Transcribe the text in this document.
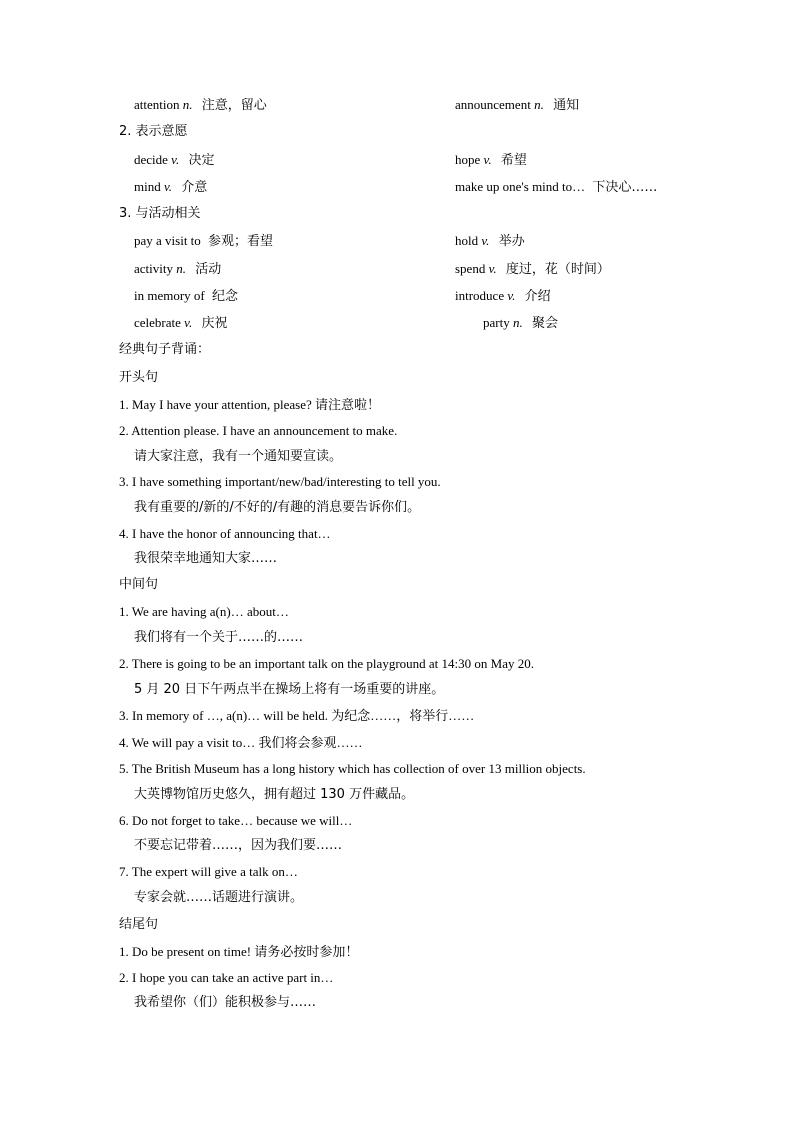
attention n. 注意，留心	announcement n. 通知
2. 表示意愿
decide v. 决定	hope v. 希望
mind v. 介意	make up one's mind to… 下决心……
3. 与活动相关
pay a visit to 参观；看望	hold v. 举办
activity n. 活动	spend v. 度过，花（时间）
in memory of 纪念	introduce v. 介绍
celebrate v. 庆祝	party n. 聚会
经典句子背诵：
开头句
1. May I have your attention, please? 请注意啦！
2. Attention please. I have an announcement to make.
请大家注意，我有一个通知要宣读。
3. I have something important/new/bad/interesting to tell you.
我有重要的/新的/不好的/有趣的消息要告诉你们。
4. I have the honor of announcing that…
我很荣幸地通知大家……
中间句
1. We are having a(n)… about…
我们将有一个关于……的……
2. There is going to be an important talk on the playground at 14:30 on May 20.
5 月 20 日下午两点半在操场上将有一场重要的讲座。
3. In memory of …, a(n)… will be held. 为纪念……，将举行……
4. We will pay a visit to… 我们将会参观……
5. The British Museum has a long history which has collection of over 13 million objects.
大英博物馆历史悠久，拥有超过 130 万件藏品。
6. Do not forget to take… because we will…
不要忘记带着……，因为我们要……
7. The expert will give a talk on…
专家会就……话题进行演讲。
结尾句
1. Do be present on time! 请务必按时参加！
2. I hope you can take an active part in…
我希望你（们）能积极参与……
